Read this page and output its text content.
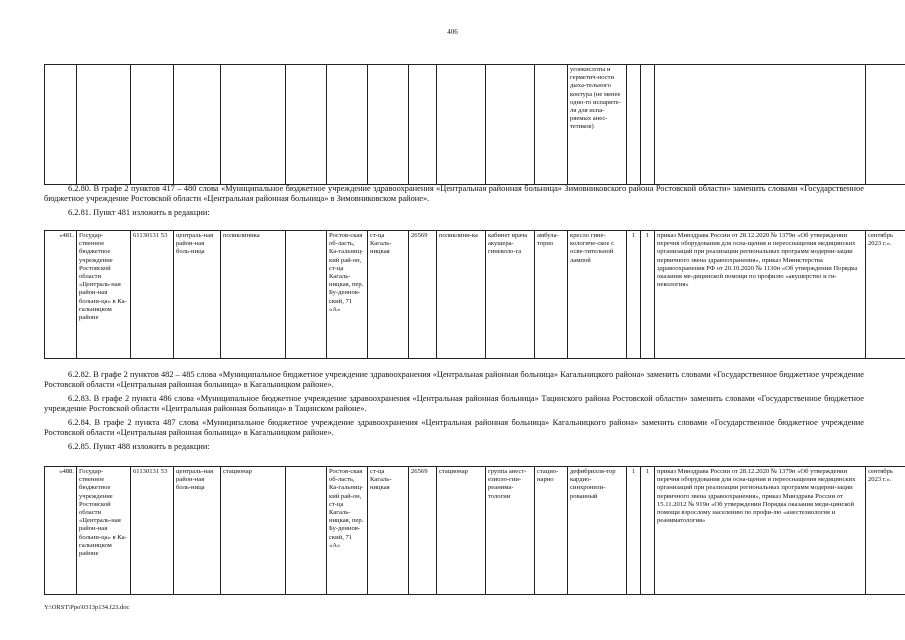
406
												углекислоты и герметич-ности дыха-тельного контура (не менее одно-го испарите-ля для испа-ряемых анес-тетиков)				

6.2.80. В графе 2 пунктов 417 – 480 слова «Муниципальное бюджетное учреждение здравоохранения «Центральная районная больница» Зимовниковского района Ростовской области» заменить словами «Государственное бюджетное учреждение Ростовской области «Центральная районная больница» в Зимовниковском районе».

6.2.81. Пункт 481 изложить в редакции:

«481.	Государ-ственное бюджетное учреждение Ростовской области «Централь-ная район-ная больни-ца» в Ка-гальницком районе	61130131 53	централь-ная район-ная боль-ница	поликлиника		Ростов-ская об-ласть, Ка-гальниц-кий рай-он, ст-ца Кагаль-ницкая, пер. Бу-деннов-ский, 71 «А»	ст-ца Кагаль-ницкая	26569	поликлини-ка	кабинет врача акушера-гинеколо-га	амбула-торно	кресло гине-кологиче-ское с осве-тительной лампой	1	1	приказ Минздрава России от 28.12.2020 № 1379н «Об утверждении перечня оборудования для осна-щения и переоснащения медицинских организаций при реализации региональных программ модерни-зации первичного звена здравоохранения», приказ Министерства здравоохранения РФ от 20.10.2020 № 1130н «Об утверждении Порядка оказания ме-дицинской помощи по профилю «акушерство и ги-некология»	сентябрь 2023 г.».

6.2.82. В графе 2 пунктов 482 – 485 слова «Муниципальное бюджетное учреждение здравоохранения «Центральная районная больница» Кагальницкого района» заменить словами «Государственное бюджетное учреждение Ростовской области «Центральная районная больница» в Кагальницком районе».

6.2.83. В графе 2 пункта 486 слова «Муниципальное бюджетное учреждение здравоохранения «Центральная районная больница» Тацинского района Ростовской области» заменить словами «Государственное бюджетное учреждение Ростовской области «Центральная районная больница» в Тацинском районе».

6.2.84. В графе 2 пункта 487 слова «Муниципальное бюджетное учреждение здравоохранения «Центральная районная больница» Кагальницкого района» заменить словами «Государственное бюджетное учреждение Ростовской области «Центральная районная больница» в Кагальницком районе».

6.2.85. Пункт 488 изложить в редакции:

«488.	Государ-ственное бюджетное учреждение Ростовской области «Централь-ная район-ная больни-ца» в Ка-гальницком районе	61130131 53	централь-ная район-ная боль-ница	стационар		Ростов-ская об-ласть, Ка-гальниц-кий рай-он, ст-ца Кагаль-ницкая, пер. Бу-деннов-ский, 71 «А»	ст-ца Кагаль-ницкая	26569	стационар	группа анест-езиоло-гии-реанима-тологии	стацио-нарно	дефибрилля-тор кардио-синхронизи-рованный	1	1	приказ Минздрава России от 28.12.2020 № 1379н «Об утверждении перечня оборудования для осна-щения и переоснащения медицинских организаций при реализации региональных программ модерни-зации первичного звена здравоохранения», приказ Минздрава России от 15.11.2012 № 919н «Об утверждении Порядка оказания меди-цинской помощи взрослому населению по профи-лю «анестезиология и реаниматология»	сентябрь 2023 г.».
Y:\ORST\Ppo\0313p134.f23.doc
